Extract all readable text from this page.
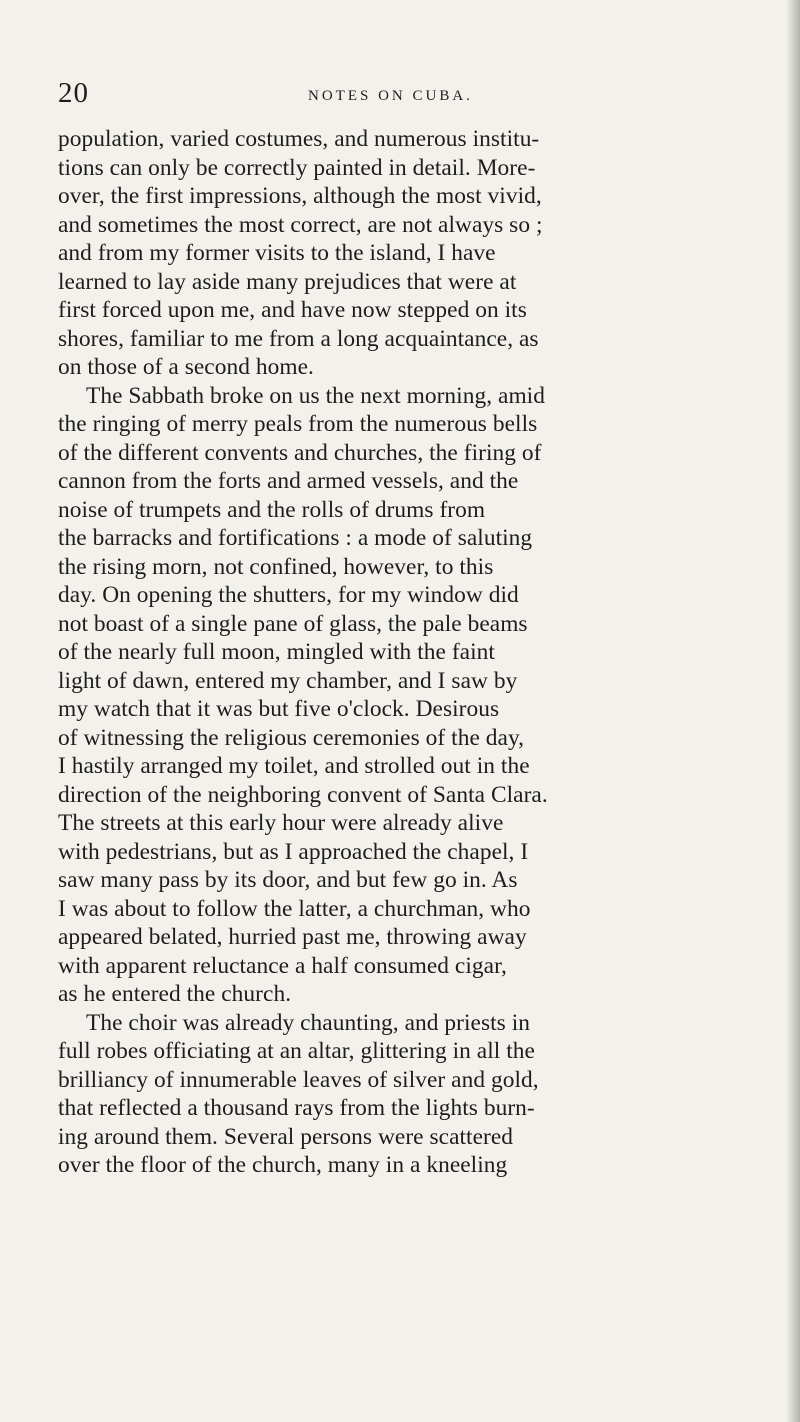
20	NOTES ON CUBA.
population, varied costumes, and numerous institu-
tions can only be correctly painted in detail. More-
over, the first impressions, although the most vivid,
and sometimes the most correct, are not always so ;
and from my former visits to the island, I have
learned to lay aside many prejudices that were at
first forced upon me, and have now stepped on its
shores, familiar to me from a long acquaintance, as
on those of a second home.
The Sabbath broke on us the next morning, amid
the ringing of merry peals from the numerous bells
of the different convents and churches, the firing of
cannon from the forts and armed vessels, and the
noise of trumpets and the rolls of drums from
the barracks and fortifications : a mode of saluting
the rising morn, not confined, however, to this
day. On opening the shutters, for my window did
not boast of a single pane of glass, the pale beams
of the nearly full moon, mingled with the faint
light of dawn, entered my chamber, and I saw by
my watch that it was but five o'clock. Desirous
of witnessing the religious ceremonies of the day,
I hastily arranged my toilet, and strolled out in the
direction of the neighboring convent of Santa Clara.
The streets at this early hour were already alive
with pedestrians, but as I approached the chapel, I
saw many pass by its door, and but few go in. As
I was about to follow the latter, a churchman, who
appeared belated, hurried past me, throwing away
with apparent reluctance a half consumed cigar,
as he entered the church.
The choir was already chaunting, and priests in
full robes officiating at an altar, glittering in all the
brilliancy of innumerable leaves of silver and gold,
that reflected a thousand rays from the lights burn-
ing around them. Several persons were scattered
over the floor of the church, many in a kneeling
